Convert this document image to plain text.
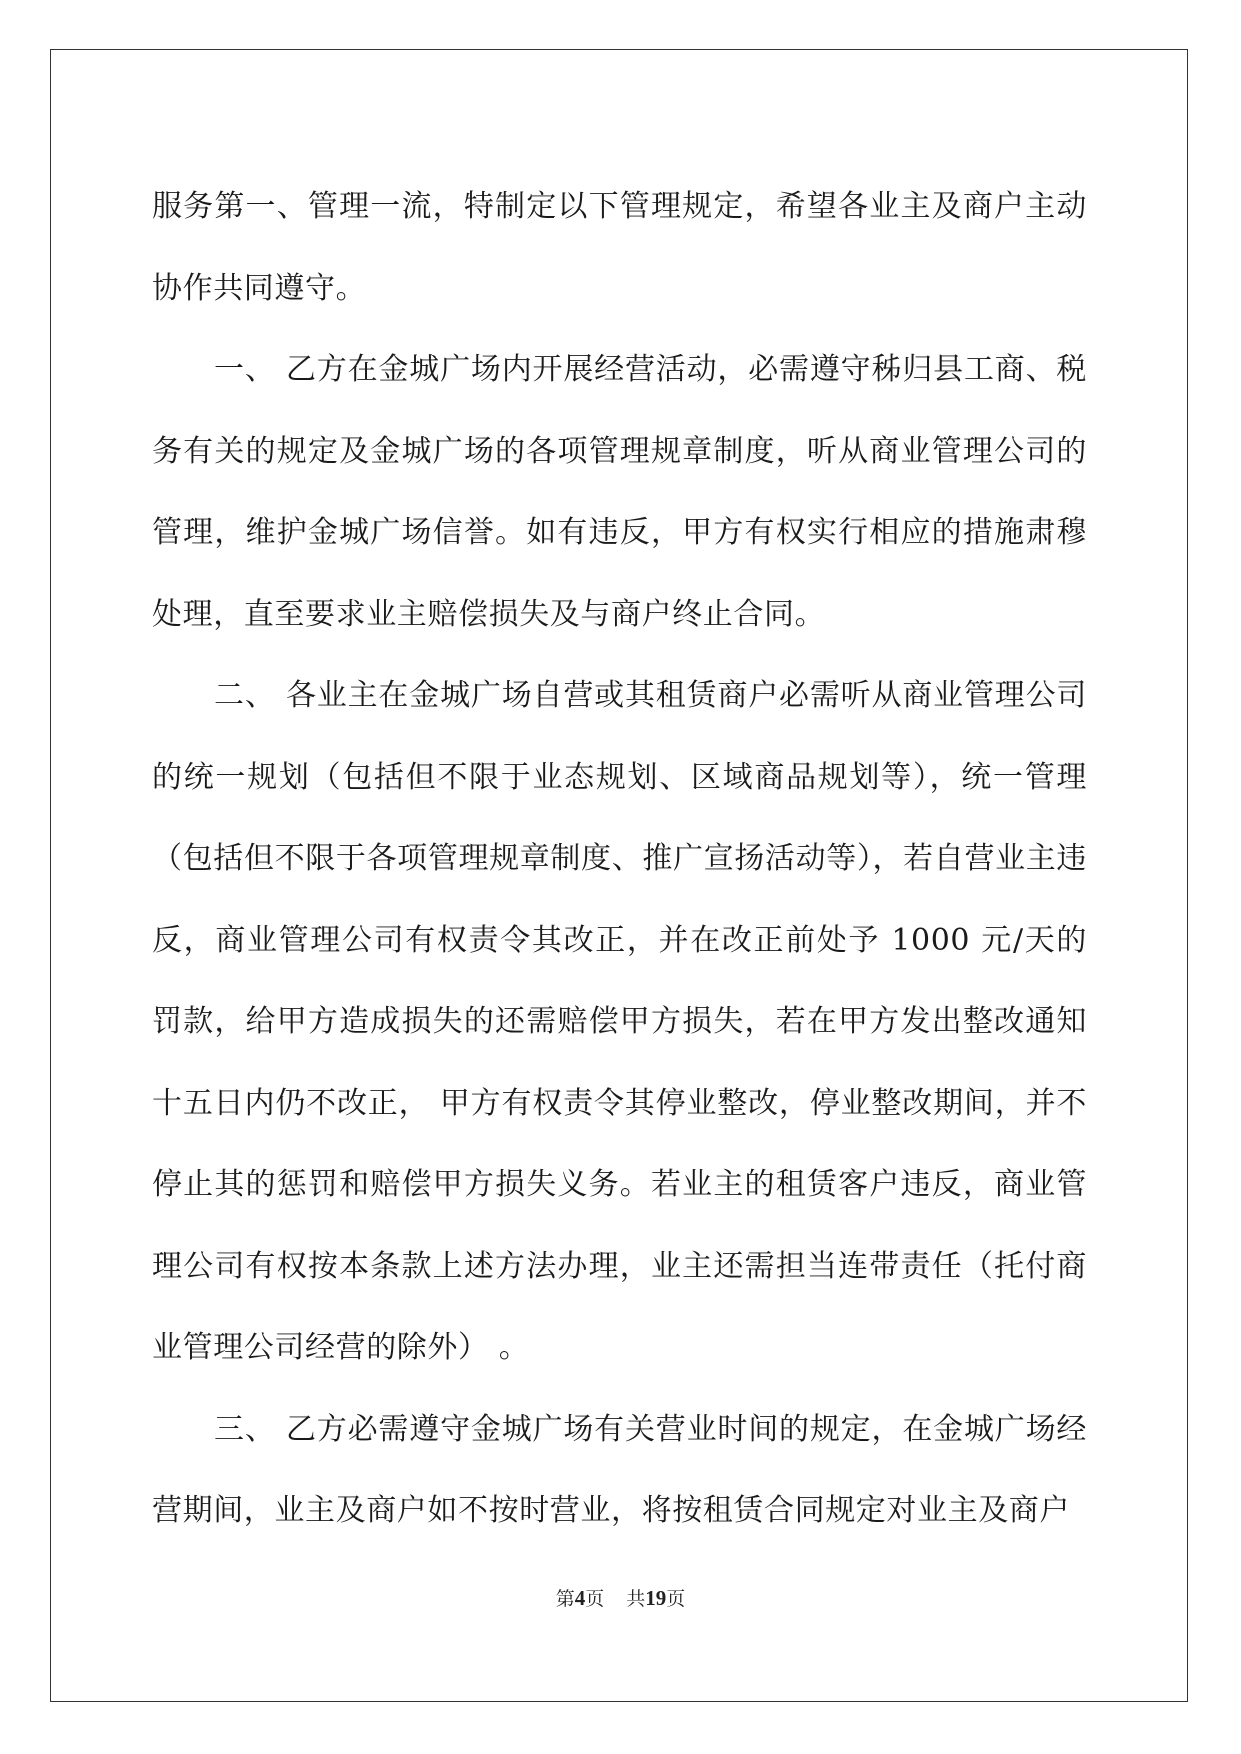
服务第一、管理一流，特制定以下管理规定，希望各业主及商户主动协作共同遵守。

一、 乙方在金城广场内开展经营活动，必需遵守秭归县工商、税务有关的规定及金城广场的各项管理规章制度，听从商业管理公司的管理，维护金城广场信誉。如有违反，甲方有权实行相应的措施肃穆处理，直至要求业主赔偿损失及与商户终止合同。

二、 各业主在金城广场自营或其租赁商户必需听从商业管理公司的统一规划（包括但不限于业态规划、区域商品规划等），统一管理（包括但不限于各项管理规章制度、推广宣扬活动等），若自营业主违反，商业管理公司有权责令其改正，并在改正前处予 1000 元/天的罚款，给甲方造成损失的还需赔偿甲方损失，若在甲方发出整改通知十五日内仍不改正， 甲方有权责令其停业整改，停业整改期间，并不停止其的惩罚和赔偿甲方损失义务。若业主的租赁客户违反，商业管理公司有权按本条款上述方法办理，业主还需担当连带责任（托付商业管理公司经营的除外） 。

三、 乙方必需遵守金城广场有关营业时间的规定，在金城广场经营期间，业主及商户如不按时营业，将按租赁合同规定对业主及商户

第4页 共19页
